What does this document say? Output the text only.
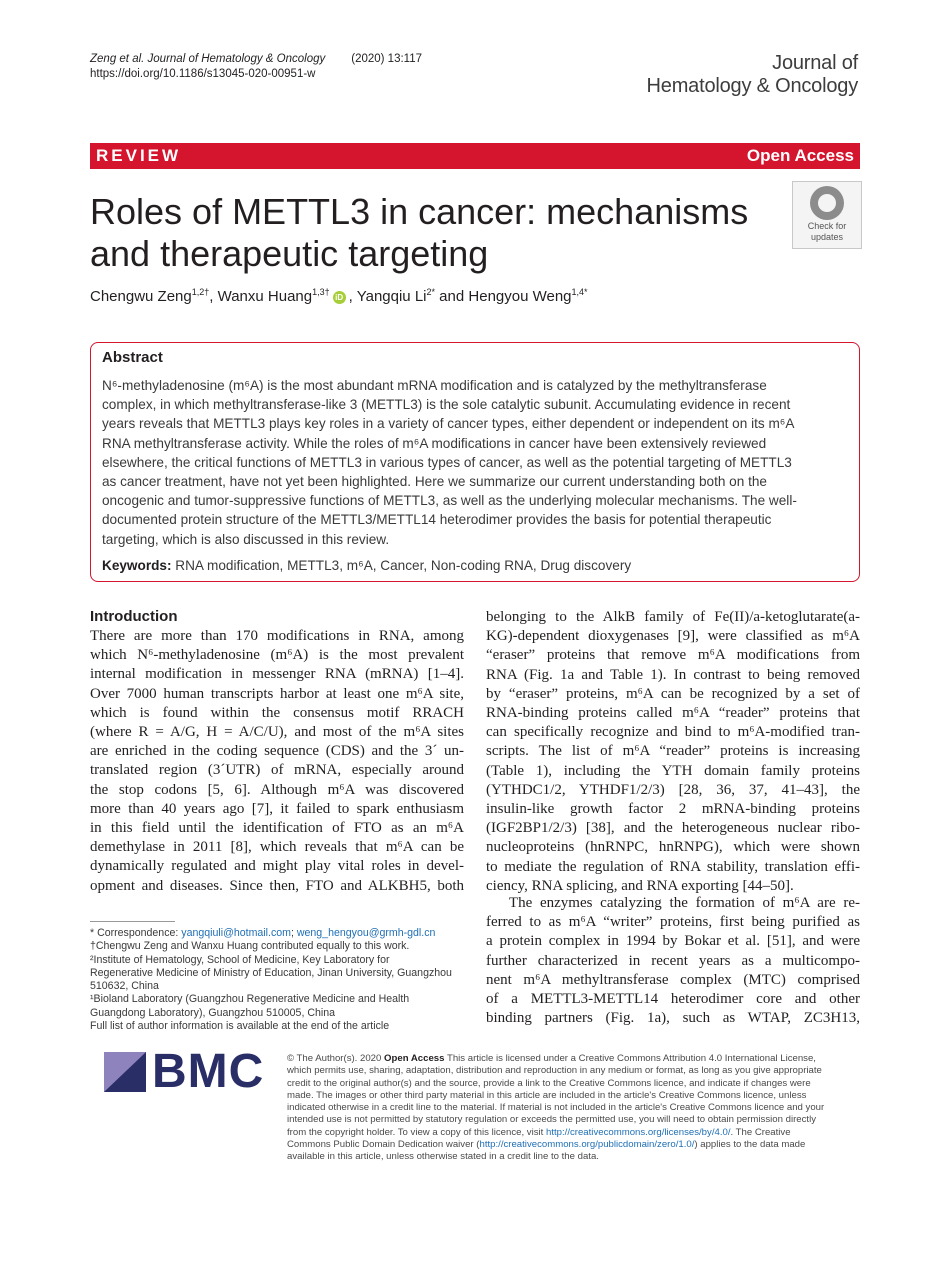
Zeng et al. Journal of Hematology & Oncology (2020) 13:117
https://doi.org/10.1186/s13045-020-00951-w	Journal of
Hematology & Oncology
REVIEW	Open Access
Roles of METTL3 in cancer: mechanisms and therapeutic targeting
Check for
updates
Chengwu Zeng$^{1,2\dagger}$, Wanxu Huang$^{1,3\dagger}$iD , Yangqiu $Li^{2*}$ and Hengyou Weng$^{1,4*}$
Abstract
N⁶-methyladenosine (m⁶A) is the most abundant mRNA modification and is catalyzed by the methyltransferase
complex, in which methyltransferase-like 3 (METTL3) is the sole catalytic subunit. Accumulating evidence in recent
years reveals that METTL3 plays key roles in a variety of cancer types, either dependent or independent on its m⁶A
RNA methyltransferase activity. While the roles of m⁶A modifications in cancer have been extensively reviewed
elsewhere, the critical functions of METTL3 in various types of cancer, as well as the potential targeting of METTL3
as cancer treatment, have not yet been highlighted. Here we summarize our current understanding both on the
oncogenic and tumor-suppressive functions of METTL3, as well as the underlying molecular mechanisms. The well-
documented protein structure of the METTL3/METTL14 heterodimer provides the basis for potential therapeutic
targeting, which is also discussed in this review.
Keywords: RNA modification, METTL3, m⁶A, Cancer, Non-coding RNA, Drug discovery
Introduction
There are more than 170 modifications in RNA, among
which N⁶-methyladenosine (m⁶A) is the most prevalent
internal modification in messenger RNA (mRNA) [1–4].
Over 7000 human transcripts harbor at least one m⁶A site,
which is found within the consensus motif RRACH
(where R = A/G, H = A/C/U), and most of the m⁶A sites
are enriched in the coding sequence (CDS) and the 3´ un-
translated region (3´UTR) of mRNA, especially around
the stop codons [5, 6]. Although m⁶A was discovered
more than 40 years ago [7], it failed to spark enthusiasm
in this field until the identification of FTO as an m⁶A
demethylase in 2011 [8], which reveals that m⁶A can be
dynamically regulated and might play vital roles in devel-
opment and diseases. Since then, FTO and ALKBH5, both
belonging to the AlkB family of Fe(II)/a-ketoglutarate(a-
KG)-dependent dioxygenases [9], were classified as m⁶A
“eraser” proteins that remove m⁶A modifications from
RNA (Fig. 1a and Table 1). In contrast to being removed
by “eraser” proteins, m⁶A can be recognized by a set of
RNA-binding proteins called m⁶A “reader” proteins that
can specifically recognize and bind to m⁶A-modified tran-
scripts. The list of m⁶A “reader” proteins is increasing
(Table 1), including the YTH domain family proteins
(YTHDC1/2, YTHDF1/2/3) [28, 36, 37, 41–43], the
insulin-like growth factor 2 mRNA-binding proteins
(IGF2BP1/2/3) [38], and the heterogeneous nuclear ribo-
nucleoproteins (hnRNPC, hnRNPG), which were shown
to mediate the regulation of RNA stability, translation effi-
ciency, RNA splicing, and RNA exporting [44–50].
The enzymes catalyzing the formation of m⁶A are re-
ferred to as m⁶A “writer” proteins, first being purified as
a protein complex in 1994 by Bokar et al. [51], and were
further characterized in recent years as a multicompo-
nent m⁶A methyltransferase complex (MTC) comprised
of a METTL3-METTL14 heterodimer core and other
binding partners (Fig. 1a), such as WTAP, ZC3H13,
* Correspondence: yangqiuli@hotmail.com; weng_hengyou@grmh-gdl.cn
†Chengwu Zeng and Wanxu Huang contributed equally to this work.
²Institute of Hematology, School of Medicine, Key Laboratory for
Regenerative Medicine of Ministry of Education, Jinan University, Guangzhou
510632, China
¹Bioland Laboratory (Guangzhou Regenerative Medicine and Health
Guangdong Laboratory), Guangzhou 510005, China
Full list of author information is available at the end of the article
BMC © The Author(s). 2020 Open Access This article is licensed under a Creative Commons Attribution 4.0 International License, which permits use, sharing, adaptation, distribution and reproduction in any medium or format, as long as you give appropriate credit to the original author(s) and the source, provide a link to the Creative Commons licence, and indicate if changes were made. The images or other third party material in this article are included in the article's Creative Commons licence, unless indicated otherwise in a credit line to the material. If material is not included in the article's Creative Commons licence and your intended use is not permitted by statutory regulation or exceeds the permitted use, you will need to obtain permission directly from the copyright holder. To view a copy of this licence, visit http://creativecommons.org/licenses/by/4.0/. The Creative Commons Public Domain Dedication waiver (http://creativecommons.org/publicdomain/zero/1.0/) applies to the data made available in this article, unless otherwise stated in a credit line to the data.
